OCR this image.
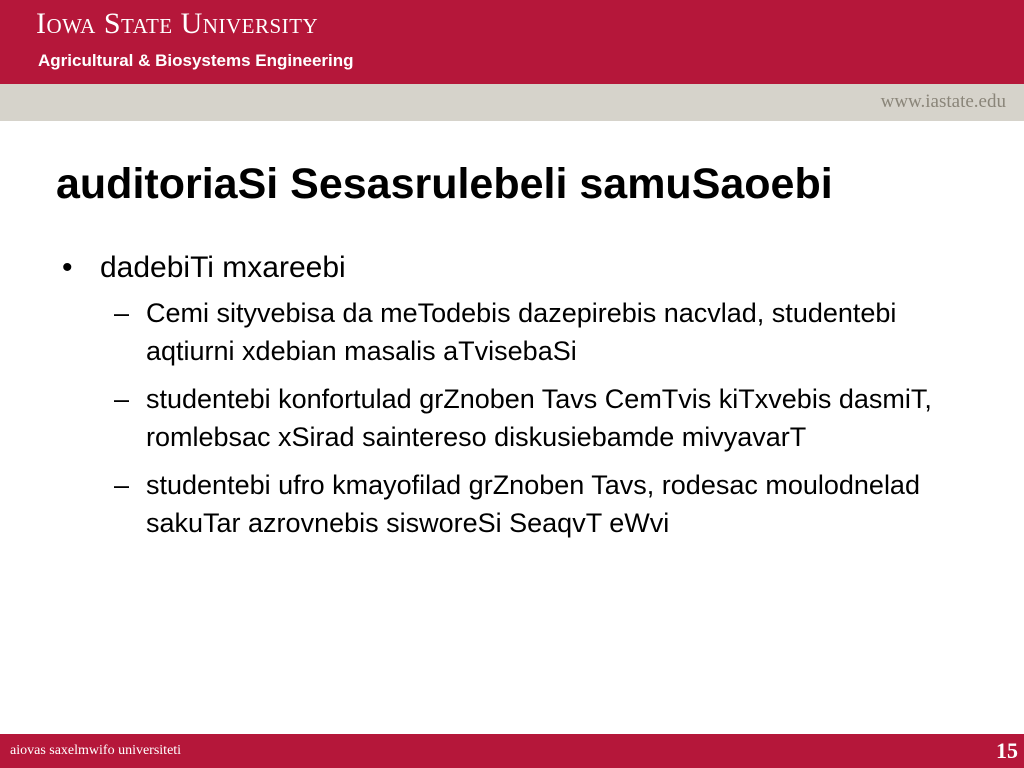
Iowa State University
Agricultural & Biosystems Engineering
www.iastate.edu
auditoriaSi Sesasrulebeli samuSaoebi
• dadebiTi mxareebi
– Cemi sityvebisa da meTodebis dazepirebis nacvlad, studentebi aqtiurni xdebian masalis aTvisebaSi
– studentebi konfortulad grZnoben Tavs CemTvis kiTxvebis dasmiT, romlebsac xSirad saintereso diskusiebamde mivyavarT
– studentebi ufro kmayofilad grZnoben Tavs, rodesac moulodnelad sakuTar azrovnebis sisworeSi SeaqvT eWvi
aiovas saxelmwifo universiteti	15
